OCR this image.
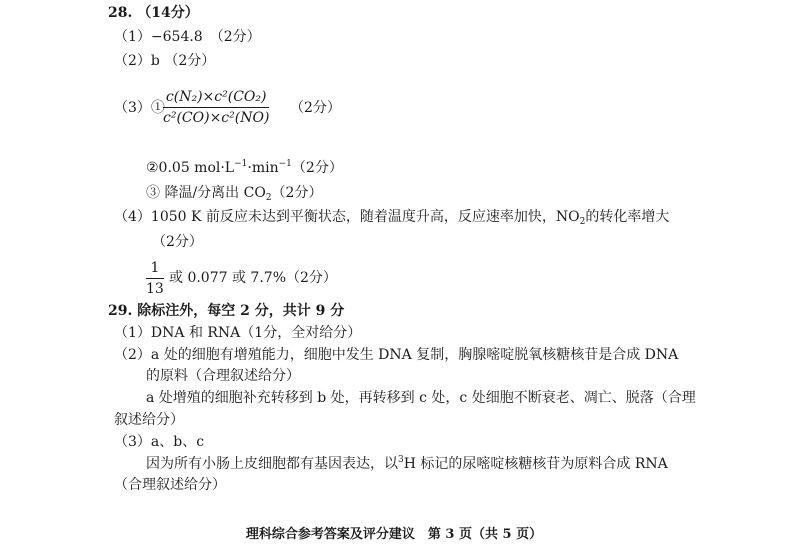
28. （14分）
（1）−654.8　（2分）
（2）b （2分）
（3）①
$\frac{\text{c(N₂)×c²(CO₂)}}{\text{c²(CO)×c²(NO)}} (2$分）
②0.05 $mol\cdot L^{-1}\cdot\min^{-1}(2$分）
③ 降温/分离出 $CO_2(2$分）
（4）1050 K 前反应未达到平衡状态，随着温度升高，反应速率加快，$NO_2$的转化率增大
（2分）
$\frac{1}{13}$ 或 0.077 或 7.7%（2分）
29. 除标注外，每空 2 分，共计 9 分
（1）DNA 和 RNA（1分，全对给分）
（2）a 处的细胞有增殖能力，细胞中发生 DNA 复制，胸腺嘧啶脱氧核糖核苷是合成 DNA
的原料（合理叙述给分）
a 处增殖的细胞补充转移到 b 处，再转移到 c 处，c 处细胞不断衰老、凋亡、脱落（合理
叙述给分）
（3）a、b、c
因为所有小肠上皮细胞都有基因表达，以$^3$H 标记的尿嘧啶核糖核苷为原料合成 RNA
（合理叙述给分）
理科综合参考答案及评分建议　第 3 页（共 5 页）
